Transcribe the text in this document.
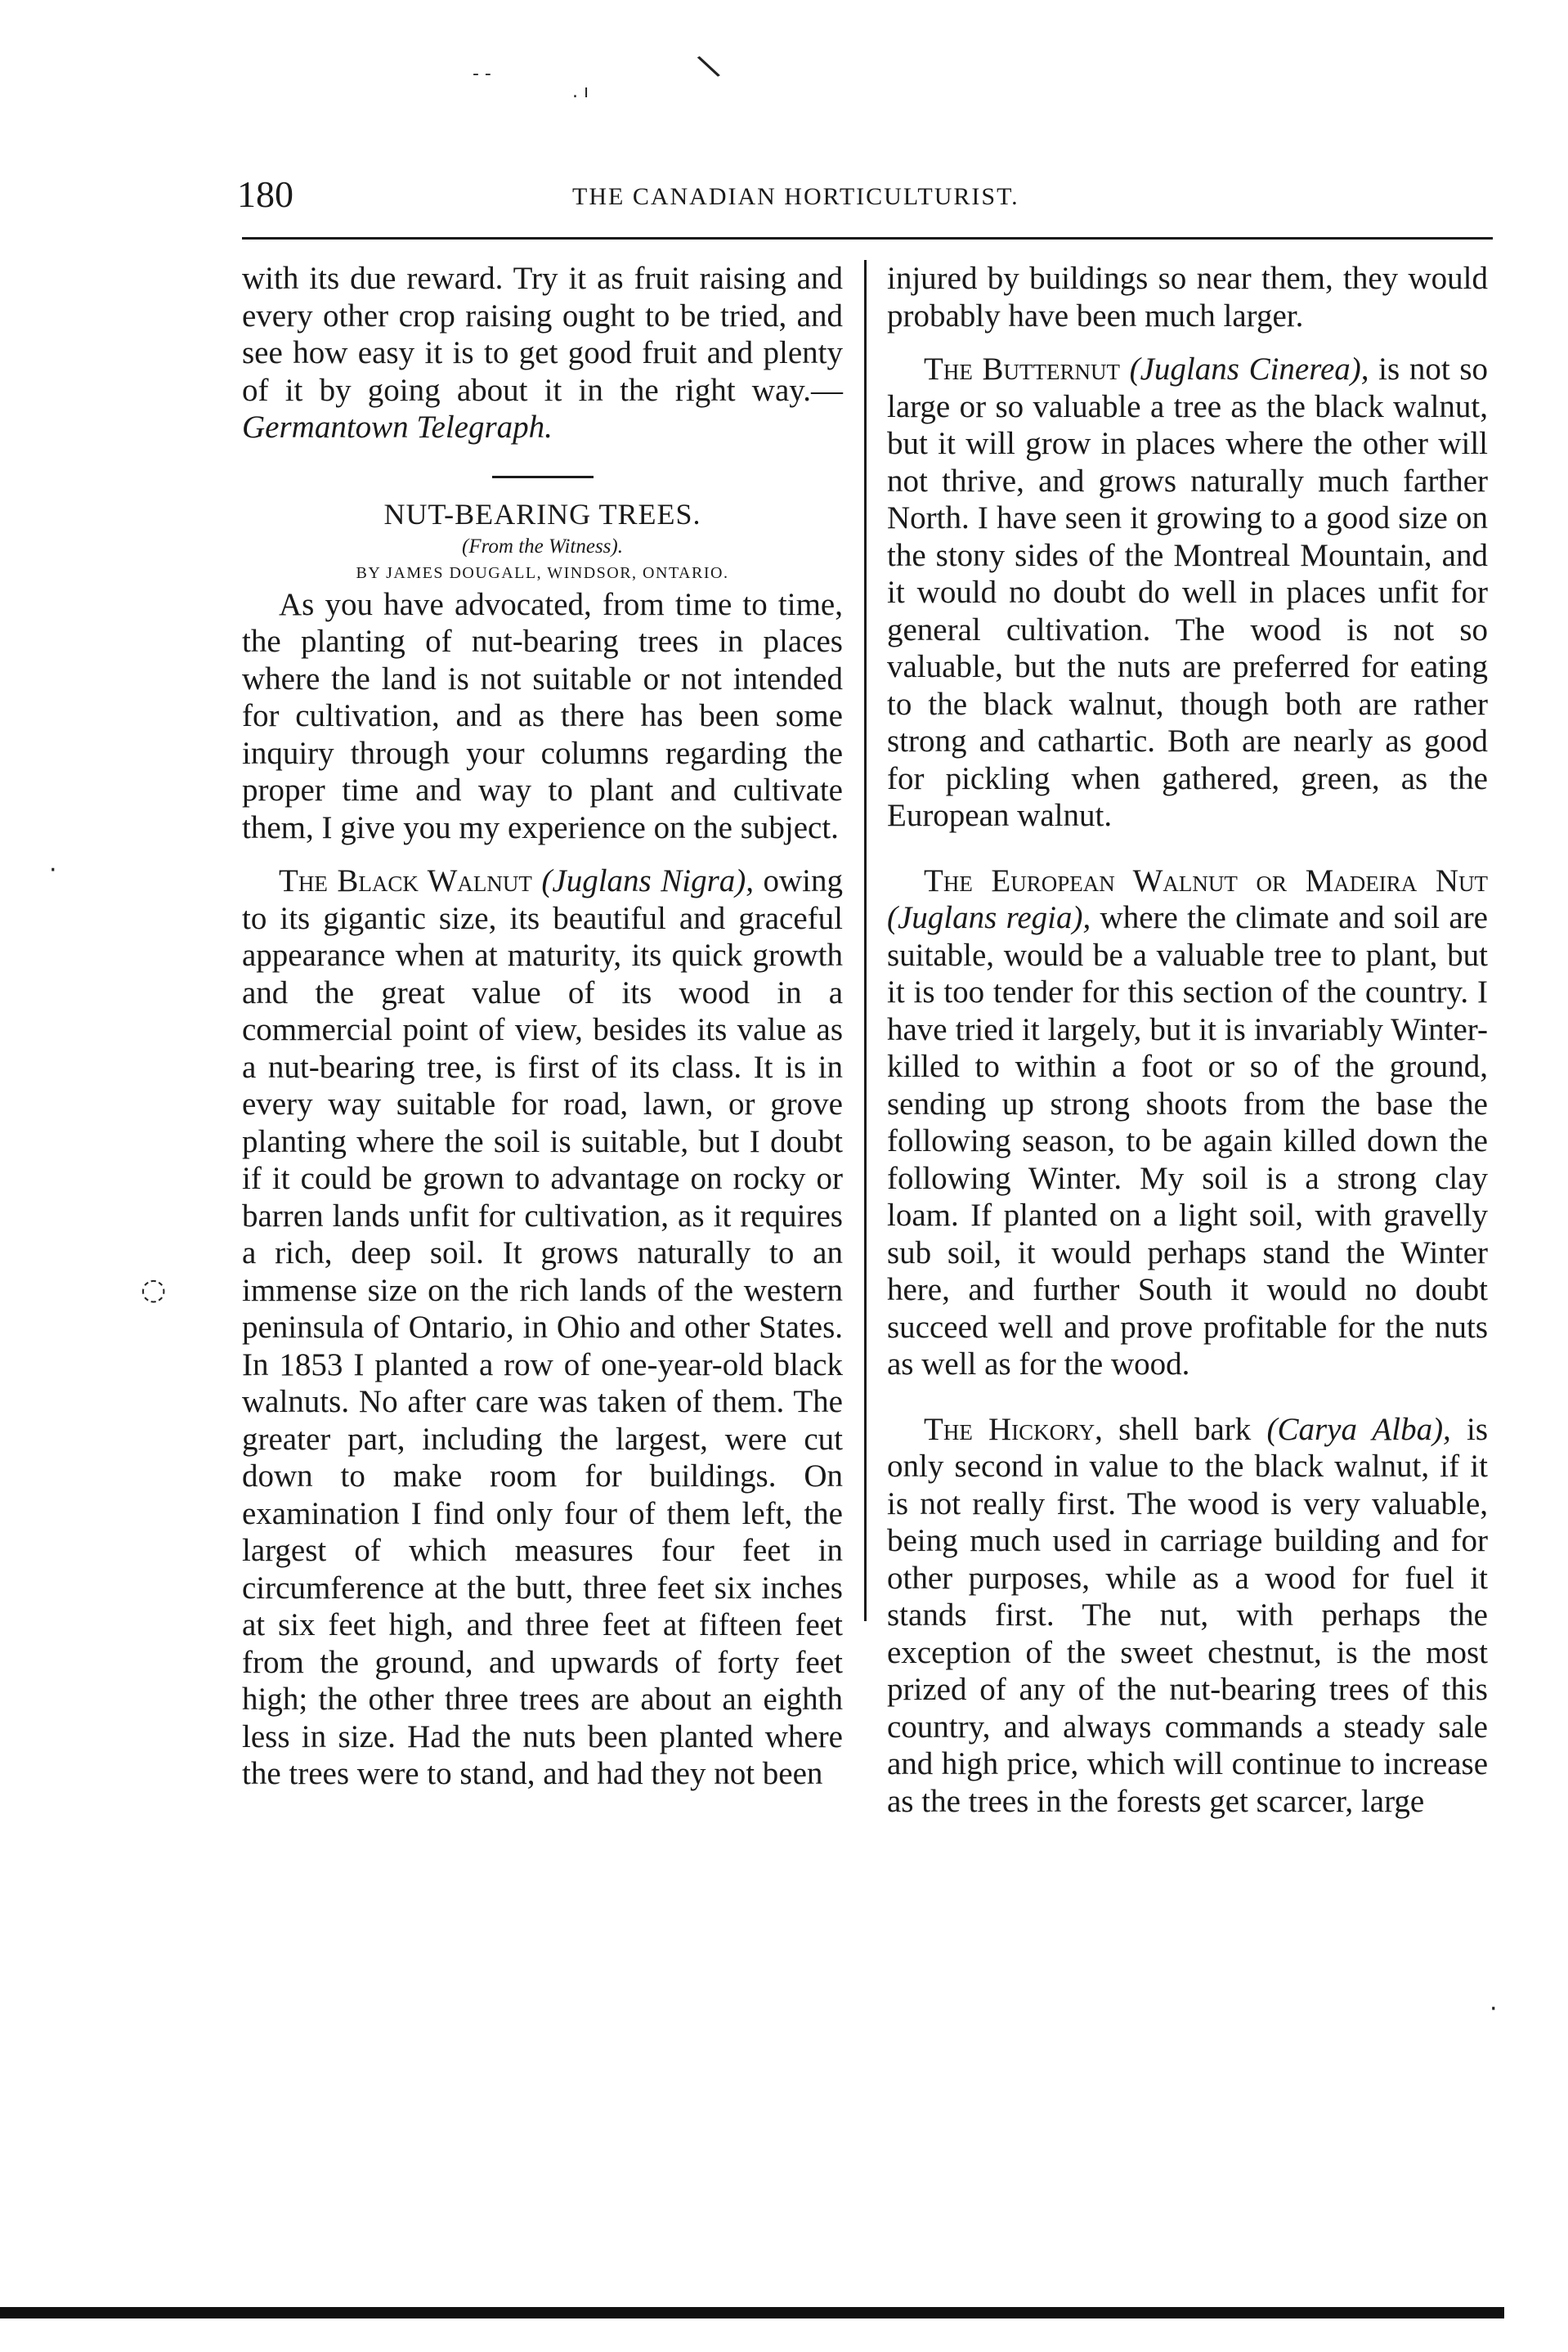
- -
. ı
\
·
◌
·
180	THE CANADIAN HORTICULTURIST.

with its due reward. Try it as fruit raising and every other crop raising ought to be tried, and see how easy it is to get good fruit and plenty of it by going about it in the right way.— Germantown Telegraph.

NUT-BEARING TREES.

(From the Witness).

BY JAMES DOUGALL, WINDSOR, ONTARIO.

As you have advocated, from time to time, the planting of nut-bearing trees in places where the land is not suitable or not intended for cultivation, and as there has been some inquiry through your columns regarding the proper time and way to plant and cultivate them, I give you my experience on the subject.

The Black Walnut (Juglans Nigra), owing to its gigantic size, its beautiful and graceful appearance when at maturity, its quick growth and the great value of its wood in a commercial point of view, besides its value as a nut-bearing tree, is first of its class. It is in every way suitable for road, lawn, or grove planting where the soil is suitable, but I doubt if it could be grown to advantage on rocky or barren lands unfit for cultivation, as it requires a rich, deep soil. It grows naturally to an immense size on the rich lands of the western peninsula of Ontario, in Ohio and other States. In 1853 I planted a row of one-year-old black walnuts. No after care was taken of them. The greater part, including the largest, were cut down to make room for buildings. On examination I find only four of them left, the largest of which measures four feet in circumference at the butt, three feet six inches at six feet high, and three feet at fifteen feet from the ground, and upwards of forty feet high; the other three trees are about an eighth less in size. Had the nuts been planted where the trees were to stand, and had they not been

injured by buildings so near them, they would probably have been much larger.

The Butternut (Juglans Cinerea), is not so large or so valuable a tree as the black walnut, but it will grow in places where the other will not thrive, and grows naturally much farther North. I have seen it growing to a good size on the stony sides of the Montreal Mountain, and it would no doubt do well in places unfit for general cultivation. The wood is not so valuable, but the nuts are preferred for eating to the black walnut, though both are rather strong and cathartic. Both are nearly as good for pickling when gathered, green, as the European walnut.

The European Walnut or Madeira Nut (Juglans regia), where the climate and soil are suitable, would be a valuable tree to plant, but it is too tender for this section of the country. I have tried it largely, but it is invariably Winter-killed to within a foot or so of the ground, sending up strong shoots from the base the following season, to be again killed down the following Winter. My soil is a strong clay loam. If planted on a light soil, with gravelly sub soil, it would perhaps stand the Winter here, and further South it would no doubt succeed well and prove profitable for the nuts as well as for the wood.

The Hickory, shell bark (Carya Alba), is only second in value to the black walnut, if it is not really first. The wood is very valuable, being much used in carriage building and for other purposes, while as a wood for fuel it stands first. The nut, with perhaps the exception of the sweet chestnut, is the most prized of any of the nut-bearing trees of this country, and always commands a steady sale and high price, which will continue to increase as the trees in the forests get scarcer, large
